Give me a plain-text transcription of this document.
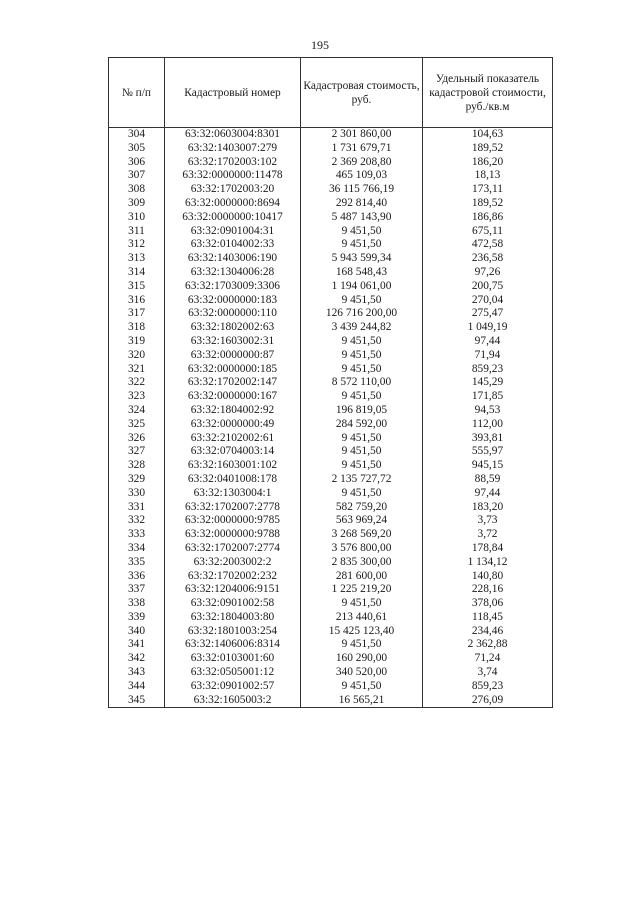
195
№ п/п	Кадастровый номер	Кадастровая стоимость, руб.	Удельный показатель кадастровой стоимости, руб./кв.м
304	63:32:0603004:8301	2 301 860,00	104,63
305	63:32:1403007:279	1 731 679,71	189,52
306	63:32:1702003:102	2 369 208,80	186,20
307	63:32:0000000:11478	465 109,03	18,13
308	63:32:1702003:20	36 115 766,19	173,11
309	63:32:0000000:8694	292 814,40	189,52
310	63:32:0000000:10417	5 487 143,90	186,86
311	63:32:0901004:31	9 451,50	675,11
312	63:32:0104002:33	9 451,50	472,58
313	63:32:1403006:190	5 943 599,34	236,58
314	63:32:1304006:28	168 548,43	97,26
315	63:32:1703009:3306	1 194 061,00	200,75
316	63:32:0000000:183	9 451,50	270,04
317	63:32:0000000:110	126 716 200,00	275,47
318	63:32:1802002:63	3 439 244,82	1 049,19
319	63:32:1603002:31	9 451,50	97,44
320	63:32:0000000:87	9 451,50	71,94
321	63:32:0000000:185	9 451,50	859,23
322	63:32:1702002:147	8 572 110,00	145,29
323	63:32:0000000:167	9 451,50	171,85
324	63:32:1804002:92	196 819,05	94,53
325	63:32:0000000:49	284 592,00	112,00
326	63:32:2102002:61	9 451,50	393,81
327	63:32:0704003:14	9 451,50	555,97
328	63:32:1603001:102	9 451,50	945,15
329	63:32:0401008:178	2 135 727,72	88,59
330	63:32:1303004:1	9 451,50	97,44
331	63:32:1702007:2778	582 759,20	183,20
332	63:32:0000000:9785	563 969,24	3,73
333	63:32:0000000:9788	3 268 569,20	3,72
334	63:32:1702007:2774	3 576 800,00	178,84
335	63:32:2003002:2	2 835 300,00	1 134,12
336	63:32:1702002:232	281 600,00	140,80
337	63:32:1204006:9151	1 225 219,20	228,16
338	63:32:0901002:58	9 451,50	378,06
339	63:32:1804003:80	213 440,61	118,45
340	63:32:1801003:254	15 425 123,40	234,46
341	63:32:1406006:8314	9 451,50	2 362,88
342	63:32:0103001:60	160 290,00	71,24
343	63:32:0505001:12	340 520,00	3,74
344	63:32:0901002:57	9 451,50	859,23
345	63:32:1605003:2	16 565,21	276,09
